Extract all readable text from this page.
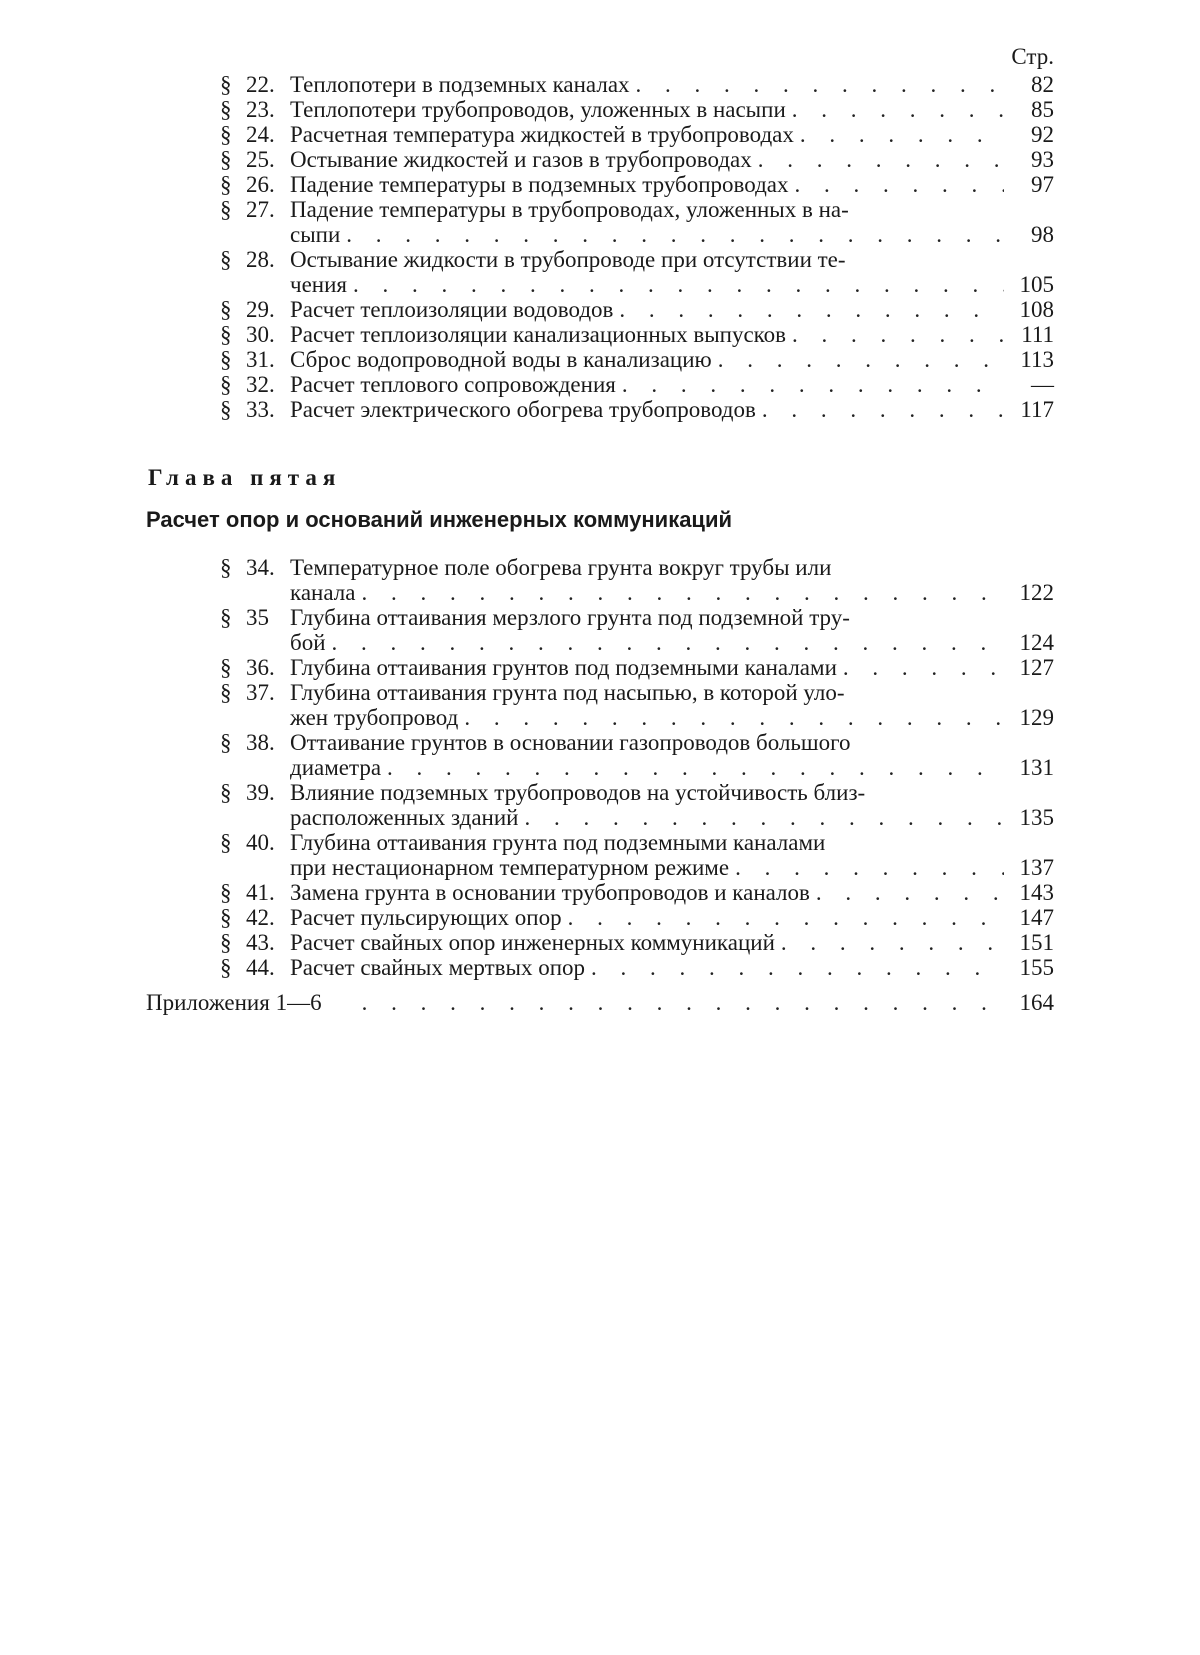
Стр.
§ 22. Теплопотери в подземных каналах . . .	82
§ 23. Теплопотери трубопроводов, уложенных в насыпи . . .	85
§ 24. Расчетная температура жидкостей в трубопроводах . . .	92
§ 25. Остывание жидкостей и газов в трубопроводах . . .	93
§ 26. Падение температуры в подземных трубопроводах . . .	97
§ 27. Падение температуры в трубопроводах, уложенных в на-
сыпи . . .	98
§ 28. Остывание жидкости в трубопроводе при отсутствии те-
чения . . .	105
§ 29. Расчет теплоизоляции водоводов . . .	108
§ 30. Расчет теплоизоляции канализационных выпусков . . .	111
§ 31. Сброс водопроводной воды в канализацию . . .	113
§ 32. Расчет теплового сопровождения . . .	—
§ 33. Расчет электрического обогрева трубопроводов . . .	117
Глава пятая
Расчет опор и оснований инженерных коммуникаций
§ 34. Температурное поле обогрева грунта вокруг трубы или
канала . . .	122
§ 35 Глубина оттаивания мерзлого грунта под подземной тру-
бой . . .	124
§ 36. Глубина оттаивания грунтов под подземными каналами . . .	127
§ 37. Глубина оттаивания грунта под насыпью, в которой уло-
жен трубопровод . . .	129
§ 38. Оттаивание грунтов в основании газопроводов большого
диаметра . . .	131
§ 39. Влияние подземных трубопроводов на устойчивость близ-
расположенных зданий . . .	135
§ 40. Глубина оттаивания грунта под подземными каналами
при нестационарном температурном режиме . . .	137
§ 41. Замена грунта в основании трубопроводов и каналов . . .	143
§ 42. Расчет пульсирующих опор . . .	147
§ 43. Расчет свайных опор инженерных коммуникаций . . .	151
§ 44. Расчет свайных мертвых опор . . .	155
Приложения 1—6 . . .	164
